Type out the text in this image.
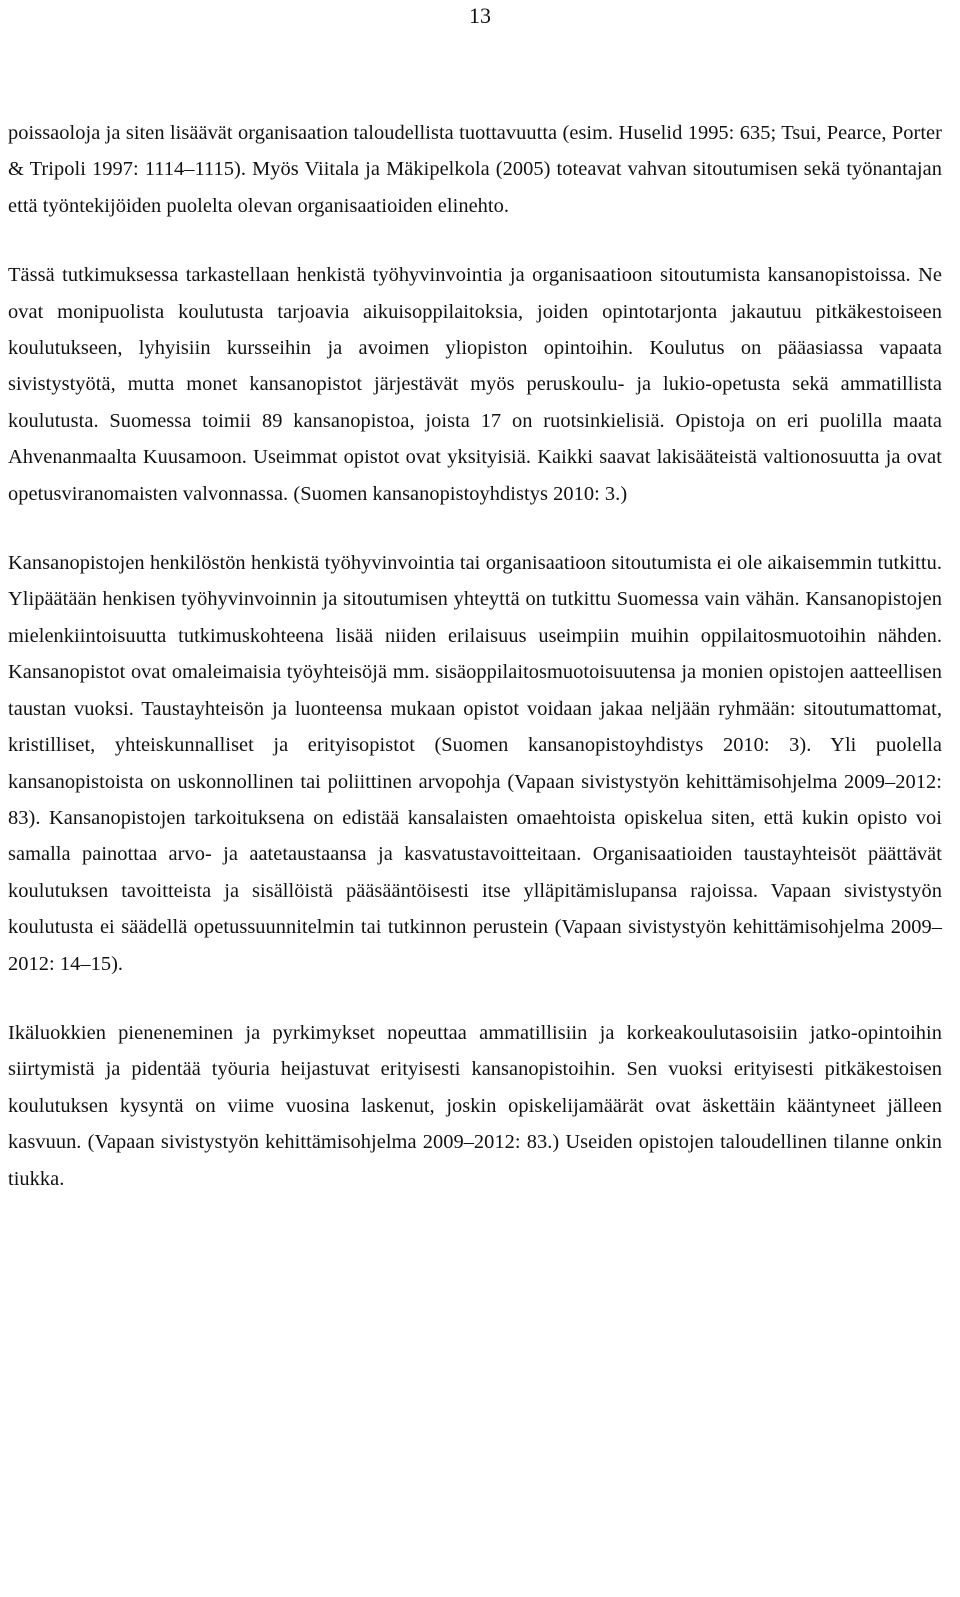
13

poissaoloja ja siten lisäävät organisaation taloudellista tuottavuutta (esim. Huselid 1995: 635; Tsui, Pearce, Porter & Tripoli 1997: 1114–1115). Myös Viitala ja Mäkipelkola (2005) toteavat vahvan sitoutumisen sekä työnantajan että työntekijöiden puolelta olevan organisaatioiden elinehto.

Tässä tutkimuksessa tarkastellaan henkistä työhyvinvointia ja organisaatioon sitoutumista kansanopistoissa. Ne ovat monipuolista koulutusta tarjoavia aikuisoppilaitoksia, joiden opintotarjonta jakautuu pitkäkestoiseen koulutukseen, lyhyisiin kursseihin ja avoimen yliopiston opintoihin. Koulutus on pääasiassa vapaata sivistystyötä, mutta monet kansanopistot järjestävät myös peruskoulu- ja lukio-opetusta sekä ammatillista koulutusta. Suomessa toimii 89 kansanopistoa, joista 17 on ruotsinkielisiä. Opistoja on eri puolilla maata Ahvenanmaalta Kuusamoon. Useimmat opistot ovat yksityisiä. Kaikki saavat lakisääteistä valtionosuutta ja ovat opetusviranomaisten valvonnassa. (Suomen kansanopistoyhdistys 2010: 3.)

Kansanopistojen henkilöstön henkistä työhyvinvointia tai organisaatioon sitoutumista ei ole aikaisemmin tutkittu. Ylipäätään henkisen työhyvinvoinnin ja sitoutumisen yhteyttä on tutkittu Suomessa vain vähän. Kansanopistojen mielenkiintoisuutta tutkimuskohteena lisää niiden erilaisuus useimpiin muihin oppilaitosmuotoihin nähden. Kansanopistot ovat omaleimaisia työyhteisöjä mm. sisäoppilaitosmuotoisuutensa ja monien opistojen aatteellisen taustan vuoksi. Taustayhteisön ja luonteensa mukaan opistot voidaan jakaa neljään ryhmään: sitoutumattomat, kristilliset, yhteiskunnalliset ja erityisopistot (Suomen kansanopistoyhdistys 2010: 3). Yli puolella kansanopistoista on uskonnollinen tai poliittinen arvopohja (Vapaan sivistystyön kehittämisohjelma 2009–2012: 83). Kansanopistojen tarkoituksena on edistää kansalaisten omaehtoista opiskelua siten, että kukin opisto voi samalla painottaa arvo- ja aatetaustaansa ja kasvatustavoitteitaan. Organisaatioiden taustayhteisöt päättävät koulutuksen tavoitteista ja sisällöistä pääsääntöisesti itse ylläpitämislupansa rajoissa. Vapaan sivistystyön koulutusta ei säädellä opetussuunnitelmin tai tutkinnon perustein (Vapaan sivistystyön kehittämisohjelma 2009–2012: 14–15).

Ikäluokkien pieneneminen ja pyrkimykset nopeuttaa ammatillisiin ja korkeakoulutasoisiin jatko-opintoihin siirtymistä ja pidentää työuria heijastuvat erityisesti kansanopistoihin. Sen vuoksi erityisesti pitkäkestoisen koulutuksen kysyntä on viime vuosina laskenut, joskin opiskelijamäärät ovat äskettäin kääntyneet jälleen kasvuun. (Vapaan sivistystyön kehittämisohjelma 2009–2012: 83.) Useiden opistojen taloudellinen tilanne onkin tiukka.
